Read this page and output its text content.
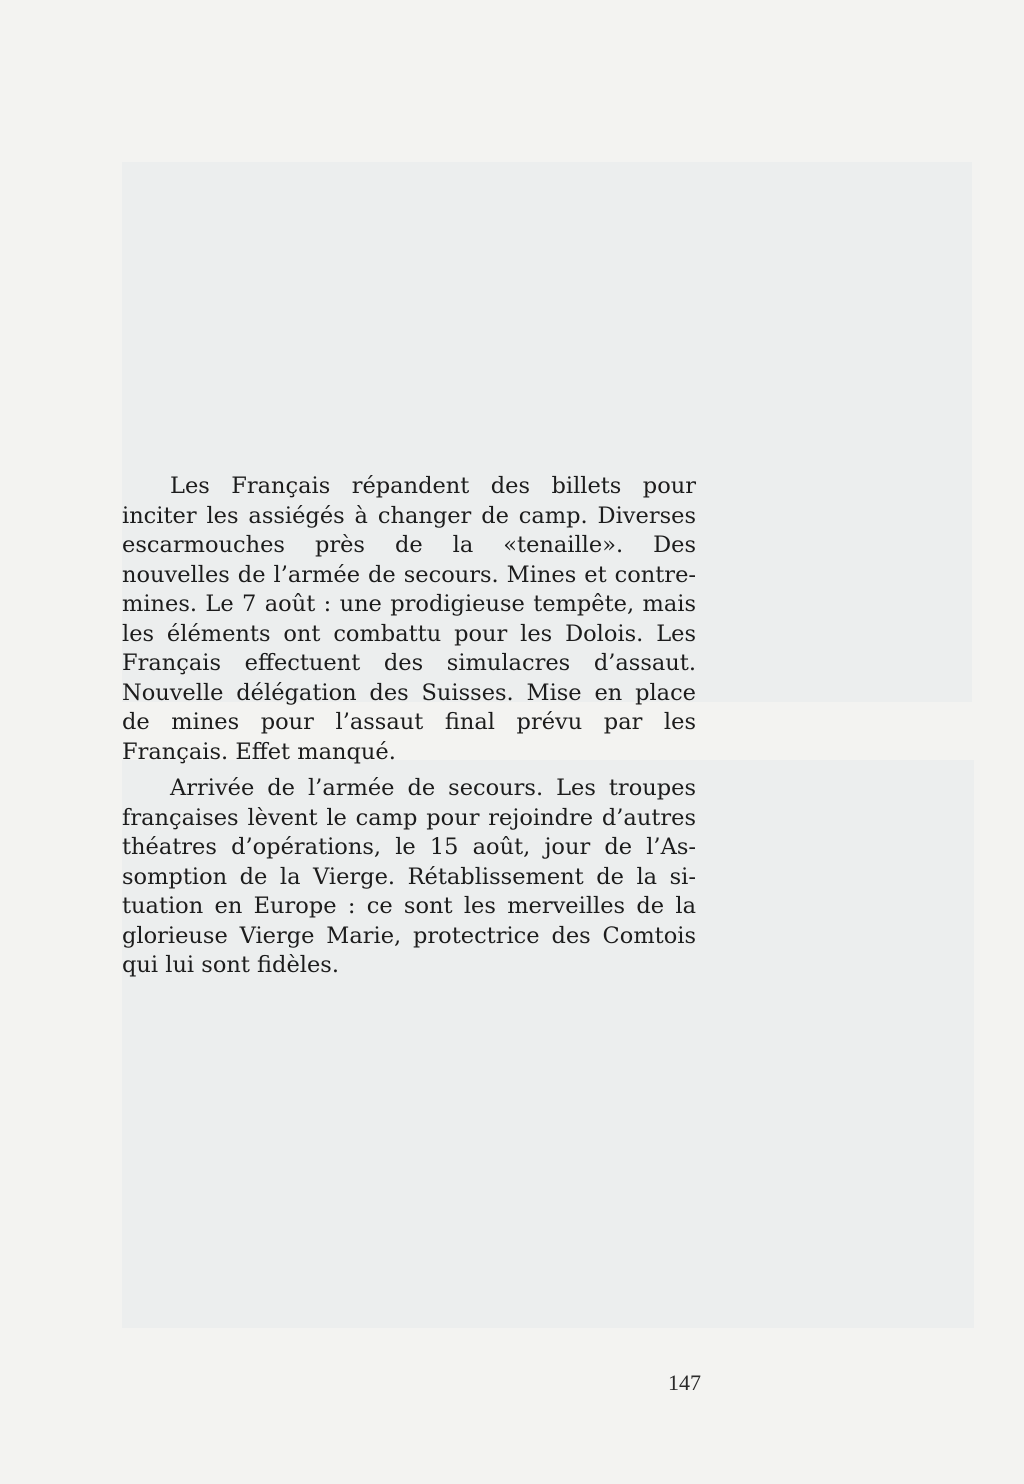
Les Français répandent des billets pour inciter les assiégés à changer de camp. Diverses escarmouches près de la «tenaille». Des nouvelles de l’armée de secours. Mines et contre-mines. Le 7 août : une prodigieuse tempête, mais les éléments ont combattu pour les Dolois. Les Français effectuent des simulacres d’assaut. Nouvelle délégation des Suisses. Mise en place de mines pour l’assaut final prévu par les Français. Effet manqué.

Arrivée de l’armée de secours. Les troupes françaises lèvent le camp pour rejoindre d’autres théatres d’opérations, le 15 août, jour de l’Assomption de la Vierge. Rétablissement de la situation en Europe : ce sont les merveilles de la glorieuse Vierge Marie, protectrice des Comtois qui lui sont fidèles.

147
